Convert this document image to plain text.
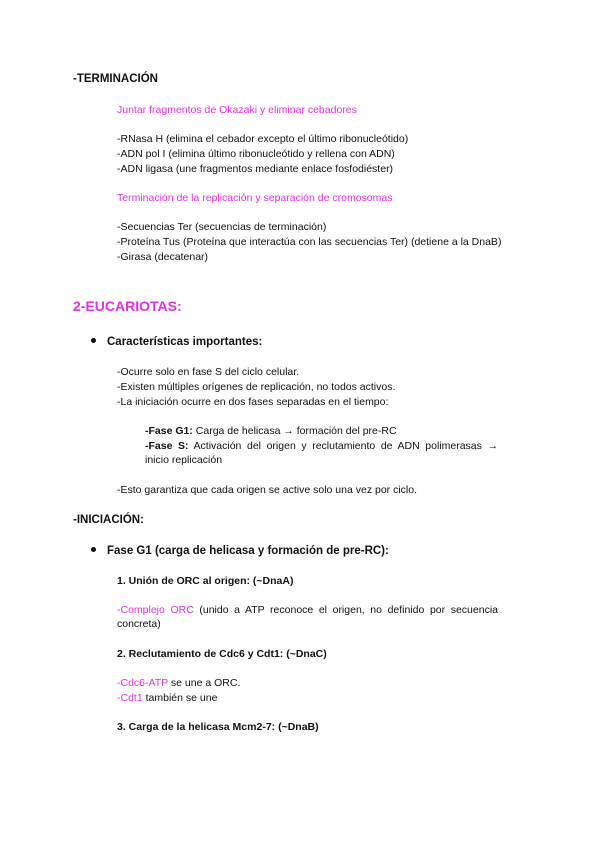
-TERMINACIÓN
Juntar fragmentos de Okazaki y eliminar cebadores
-RNasa H (elimina el cebador excepto el último ribonucleótido)
-ADN pol I (elimina último ribonucleótido y rellena con ADN)
-ADN ligasa (une fragmentos mediante enlace fosfodiéster)
Terminación de la replicación y separación de cromosomas
-Secuencias Ter (secuencias de terminación)
-Proteína Tus (Proteína que interactúa con las secuencias Ter) (detiene a la DnaB)
-Girasa (decatenar)
2-EUCARIOTAS:
Características importantes:
-Ocurre solo en fase S del ciclo celular.
-Existen múltiples orígenes de replicación, no todos activos.
-La iniciación ocurre en dos fases separadas en el tiempo:
-Fase G1: Carga de helicasa → formación del pre-RC
-Fase S: Activación del origen y reclutamiento de ADN polimerasas → inicio replicación
-Esto garantiza que cada origen se active solo una vez por ciclo.
-INICIACIÓN:
Fase G1 (carga de helicasa y formación de pre-RC):
1. Unión de ORC al origen: (~DnaA)
-Complejo ORC (unido a ATP reconoce el origen, no definido por secuencia concreta)
2. Reclutamiento de Cdc6 y Cdt1: (~DnaC)
-Cdc6-ATP se une a ORC.
-Cdt1 también se une
3. Carga de la helicasa Mcm2-7: (~DnaB)
